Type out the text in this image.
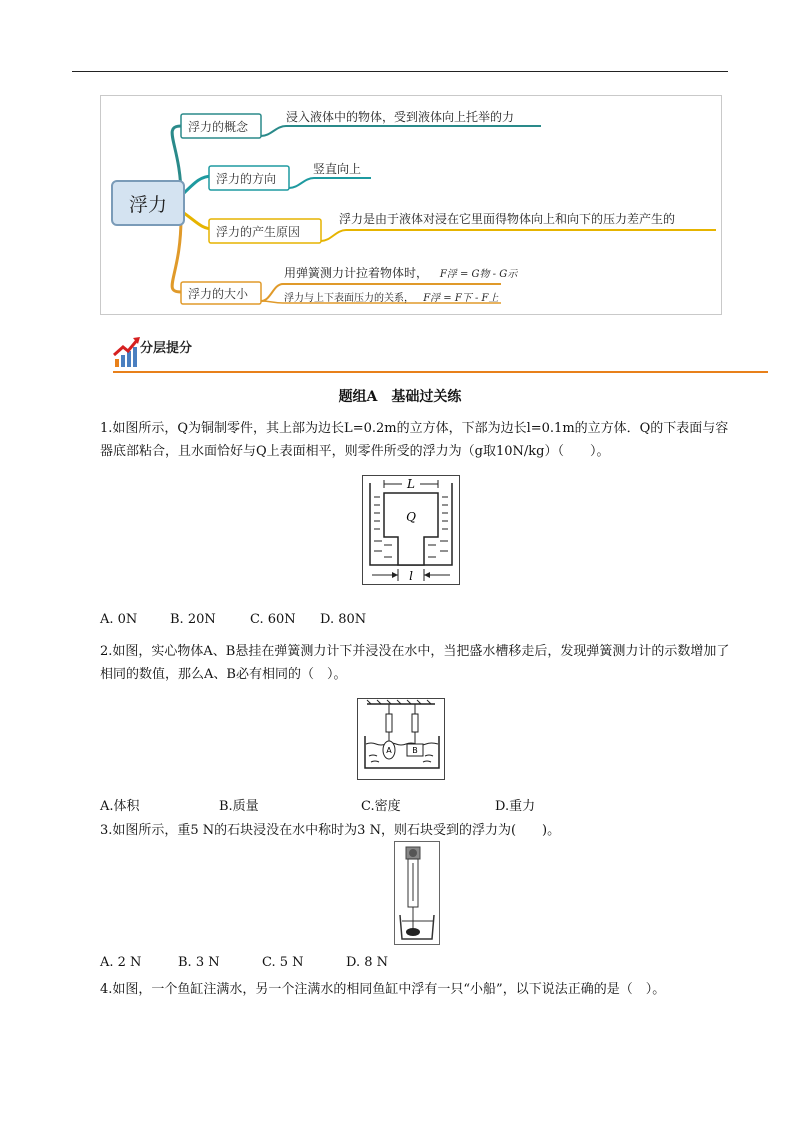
浮力
浮力的概念
浸入液体中的物体，受到液体向上托举的力
浮力的方向
竖直向上
浮力的产生原因
浮力是由于液体对浸在它里面得物体向上和向下的压力差产生的
浮力的大小
用弹簧测力计拉着物体时， F浮 = G物 - G示
浮力与上下表面压力的关系， F浮 = F下 - F上
分层提分
题组A　基础过关练
1.如图所示，Q为铜制零件，其上部为边长L=0.2m的立方体，下部为边长l=0.1m的立方体．Q的下表面与容器底部粘合，且水面恰好与Q上表面相平，则零件所受的浮力为（g取10N/kg）（　　）。
L
Q
l
A. 0N	B. 20N	C. 60N D. 80N
2.如图，实心物体A、B悬挂在弹簧测力计下并浸没在水中，当把盛水槽移走后，发现弹簧测力计的示数增加了相同的数值，那么A、B必有相同的（　）。
A	B
A.体积	B.质量	C.密度	D.重力
3.如图所示，重5 N的石块浸没在水中称时为3 N，则石块受到的浮力为(　　)。
A. 2 N	B. 3 N	C. 5 N	D. 8 N
4.如图，一个鱼缸注满水，另一个注满水的相同鱼缸中浮有一只“小船”，以下说法正确的是（　）。
